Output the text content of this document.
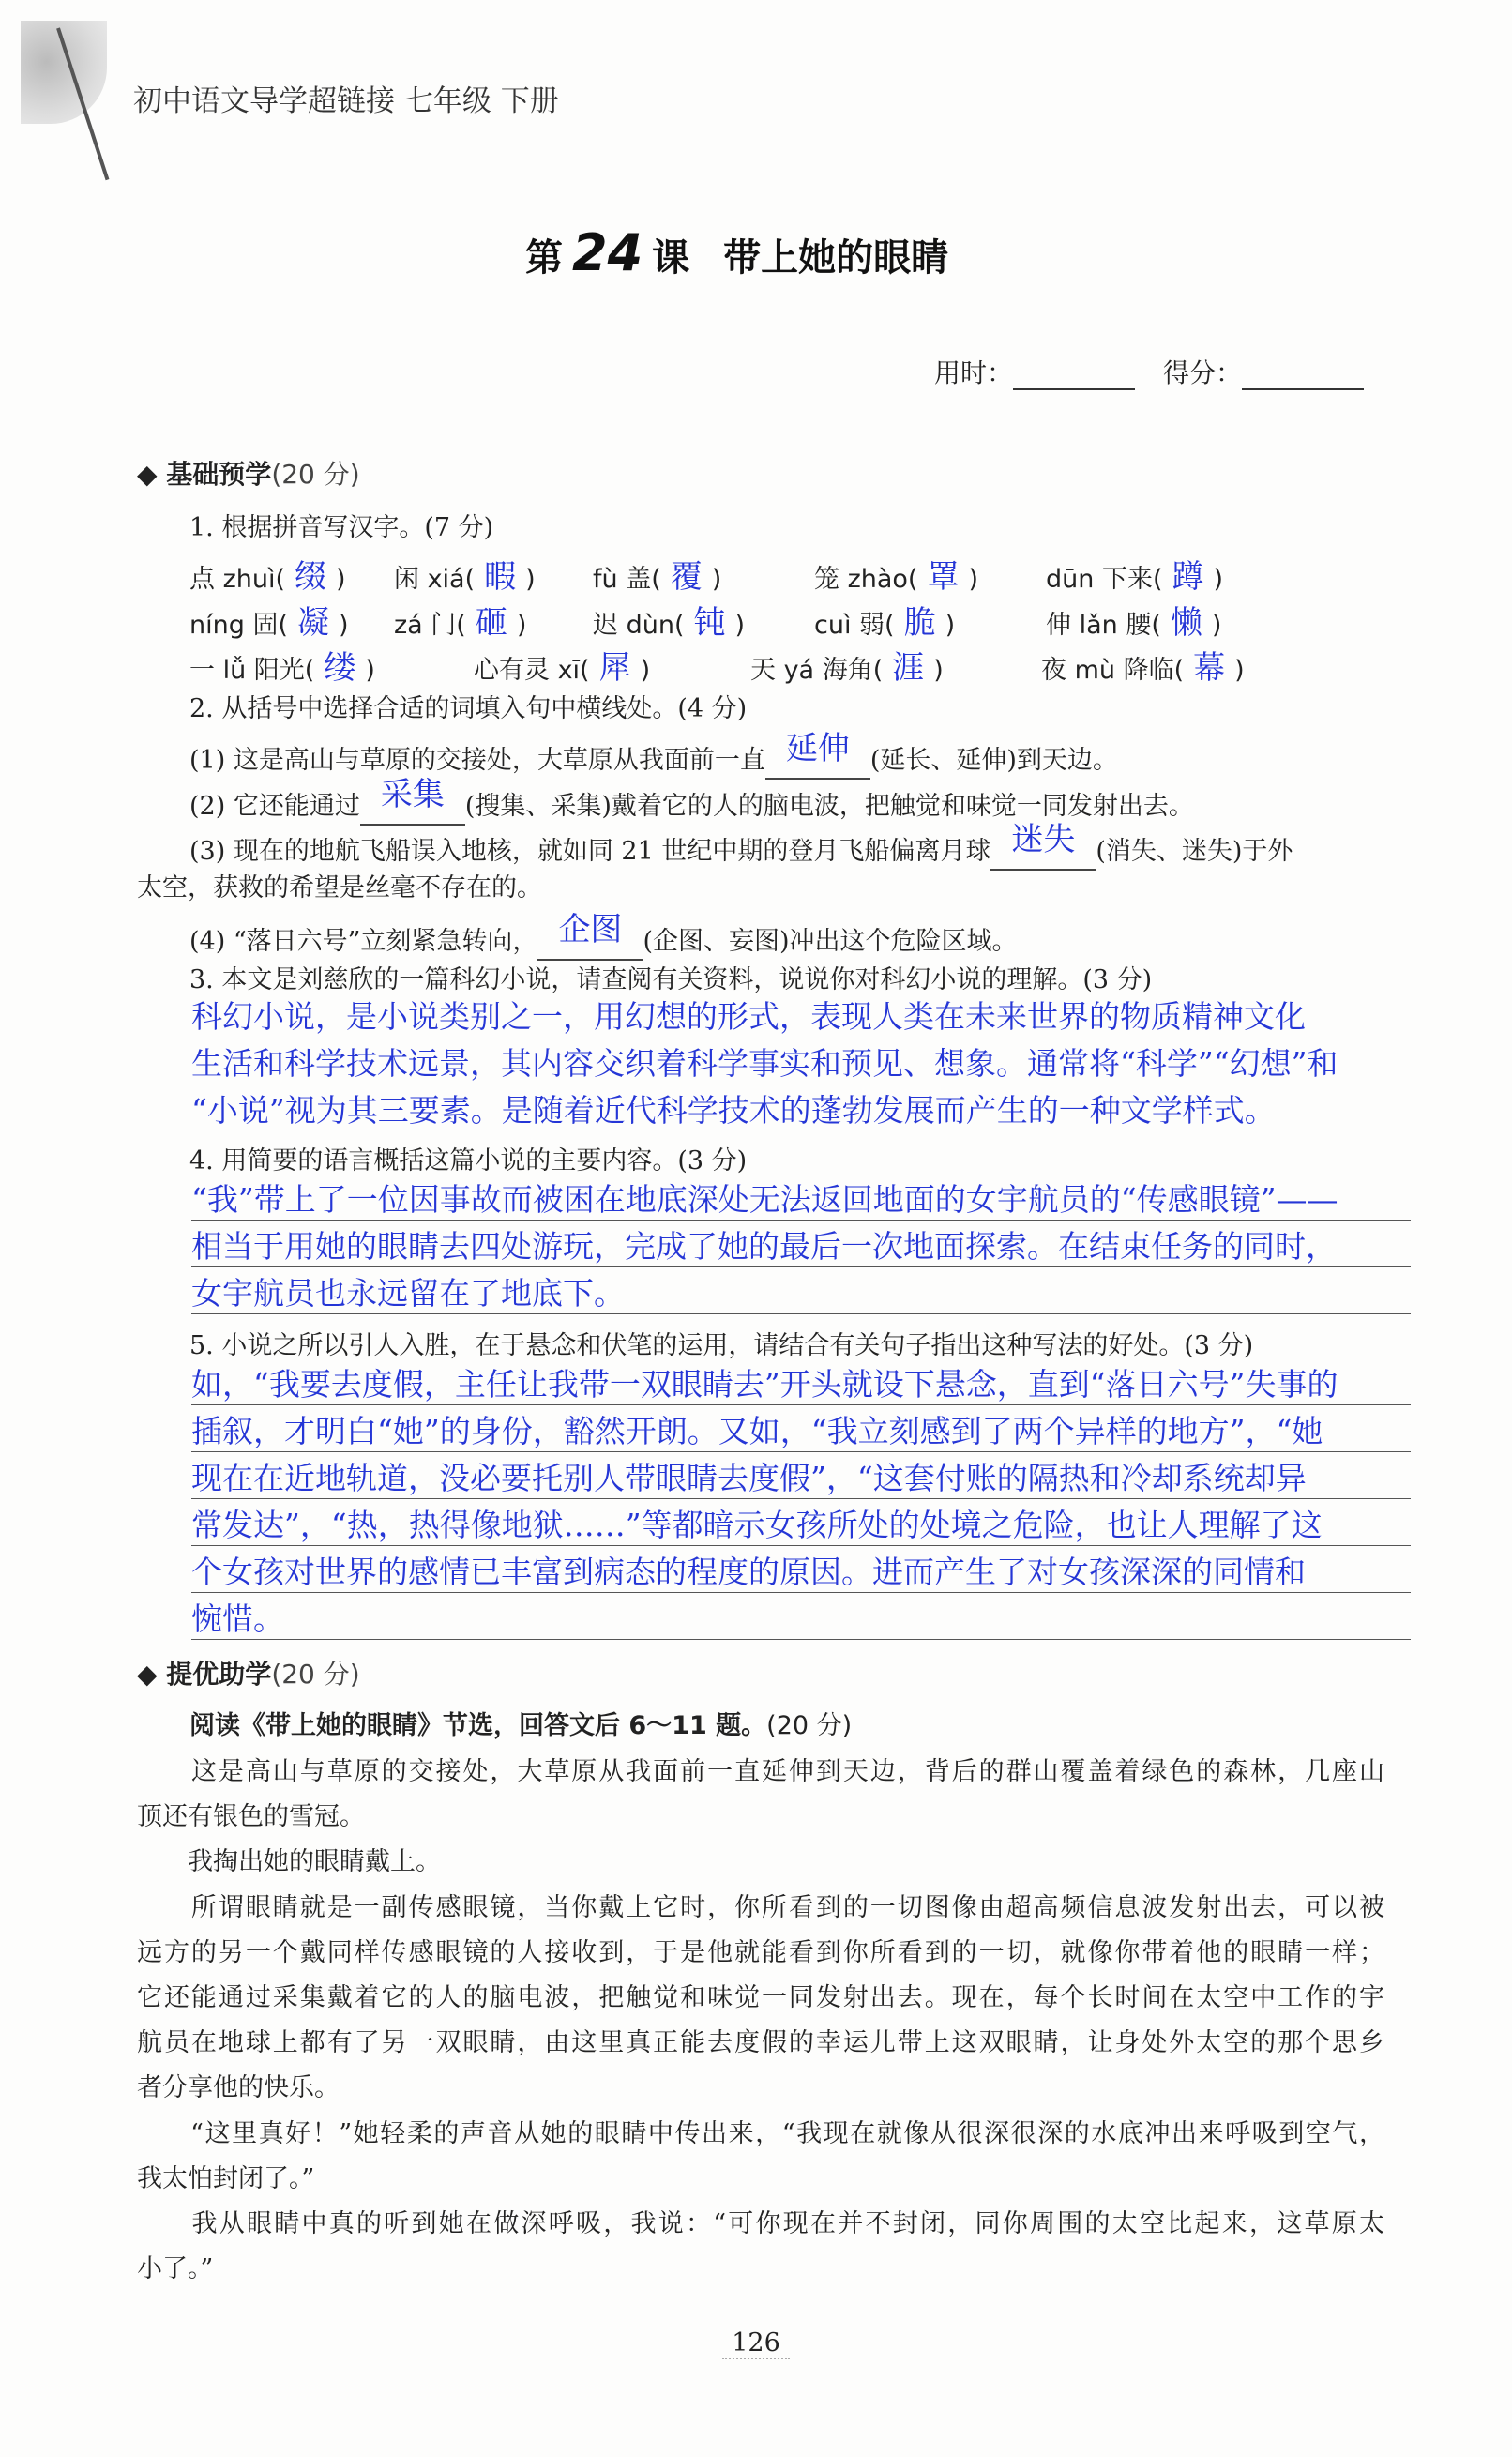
初中语文导学超链接 七年级 下册
第 24 课 带上她的眼睛
用时：	得分：
◆ 基础预学(20 分)
1. 根据拼音写汉字。(7 分)
点 zhuì( 缀 ) 闲 xiá( 暇 ) fù 盖( 覆 )	笼 zhào( 罩 )	dūn 下来( 蹲 )
níng 固( 凝 ) zá 门( 砸 )	迟 dùn( 钝 )	cuì 弱( 脆 )	伸 lǎn 腰( 懒 )
一 lǚ 阳光( 缕 )	心有灵 xī( 犀 )	天 yá 海角( 涯 )	夜 mù 降临( 幕 )
2. 从括号中选择合适的词填入句中横线处。(4 分)
(1) 这是高山与草原的交接处，大草原从我面前一直 延伸 (延长、延伸)到天边。
(2) 它还能通过 采集 (搜集、采集)戴着它的人的脑电波，把触觉和味觉一同发射出去。
(3) 现在的地航飞船误入地核，就如同 21 世纪中期的登月飞船偏离月球 迷失 (消失、迷失)于外
太空，获救的希望是丝毫不存在的。
(4) “落日六号”立刻紧急转向， 企图 (企图、妄图)冲出这个危险区域。
3. 本文是刘慈欣的一篇科幻小说，请查阅有关资料，说说你对科幻小说的理解。(3 分)
科幻小说，是小说类别之一，用幻想的形式，表现人类在未来世界的物质精神文化
生活和科学技术远景，其内容交织着科学事实和预见、想象。通常将“科学”“幻想”和
“小说”视为其三要素。是随着近代科学技术的蓬勃发展而产生的一种文学样式。
4. 用简要的语言概括这篇小说的主要内容。(3 分)
“我”带上了一位因事故而被困在地底深处无法返回地面的女宇航员的“传感眼镜”——
相当于用她的眼睛去四处游玩，完成了她的最后一次地面探索。在结束任务的同时，
女宇航员也永远留在了地底下。
5. 小说之所以引人入胜，在于悬念和伏笔的运用，请结合有关句子指出这种写法的好处。(3 分)
如，“我要去度假，主任让我带一双眼睛去”开头就设下悬念，直到“落日六号”失事的
插叙，才明白“她”的身份，豁然开朗。又如，“我立刻感到了两个异样的地方”，“她
现在在近地轨道，没必要托别人带眼睛去度假”，“这套付账的隔热和冷却系统却异
常发达”，“热，热得像地狱……”等都暗示女孩所处的处境之危险，也让人理解了这
个女孩对世界的感情已丰富到病态的程度的原因。进而产生了对女孩深深的同情和
惋惜。
◆ 提优助学(20 分)
阅读《带上她的眼睛》节选，回答文后 6～11 题。(20 分)
　　这是高山与草原的交接处，大草原从我面前一直延伸到天边，背后的群山覆盖着绿色的森林，几座山
顶还有银色的雪冠。
　　我掏出她的眼睛戴上。
　　所谓眼睛就是一副传感眼镜，当你戴上它时，你所看到的一切图像由超高频信息波发射出去，可以被
远方的另一个戴同样传感眼镜的人接收到，于是他就能看到你所看到的一切，就像你带着他的眼睛一样；
它还能通过采集戴着它的人的脑电波，把触觉和味觉一同发射出去。现在，每个长时间在太空中工作的宇
航员在地球上都有了另一双眼睛，由这里真正能去度假的幸运儿带上这双眼睛，让身处外太空的那个思乡
者分享他的快乐。
　　“这里真好！”她轻柔的声音从她的眼睛中传出来，“我现在就像从很深很深的水底冲出来呼吸到空气，
我太怕封闭了。”
　　我从眼睛中真的听到她在做深呼吸，我说：“可你现在并不封闭，同你周围的太空比起来，这草原太
小了。”
126
